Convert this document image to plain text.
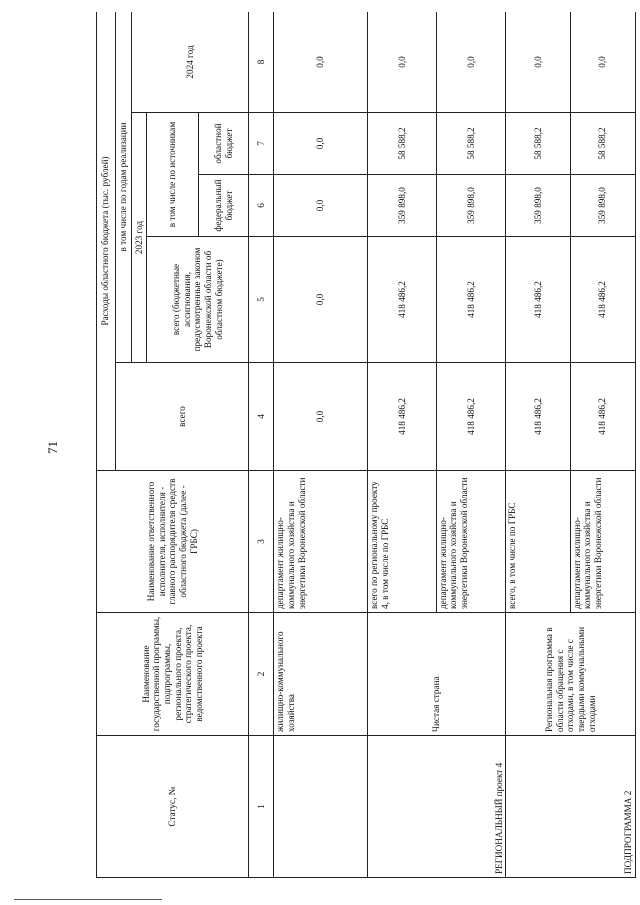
71
Статус, №	Наименование государственной программы, подпрограммы, регионального проекта, стратегического проекта, ведомственного проекта	Наименование ответственного исполнителя, исполнителя - главного распорядителя средств областного бюджета (далее - ГРБС)	Расходы областного бюджета (тыс. рублей)				
			всего	в том числе по годам реализации			
				2023 год			2024 год
				всего (бюджетные ассигнования, предусмотренные законом Воронежской области об областном бюджете)	в том числе по источникам		
					федеральный бюджет	областной бюджет	
1	2	3	4	5	6	7	8
	жилищно-коммунального хозяйства	департамент жилищно-коммунального хозяйства и энергетики Воронежской области	0,0	0,0	0,0	0,0	0,0
РЕГИОНАЛЬНЫЙ проект 4	Чистая страна	всего по региональному проекту 4, в том числе по ГРБС	418 486,2	418 486,2	359 898,0	58 588,2	0,0
		департамент жилищно-коммунального хозяйства и энергетики Воронежской области	418 486,2	418 486,2	359 898,0	58 588,2	0,0
ПОДПРОГРАММА 2	Региональная программа в области обращения с отходами, в том числе с твердыми коммунальными отходами	всего, в том числе по ГРБС	418 486,2	418 486,2	359 898,0	58 588,2	0,0
		департамент жилищно-коммунального хозяйства и энергетики Воронежской области	418 486,2	418 486,2	359 898,0	58 588,2	0,0
